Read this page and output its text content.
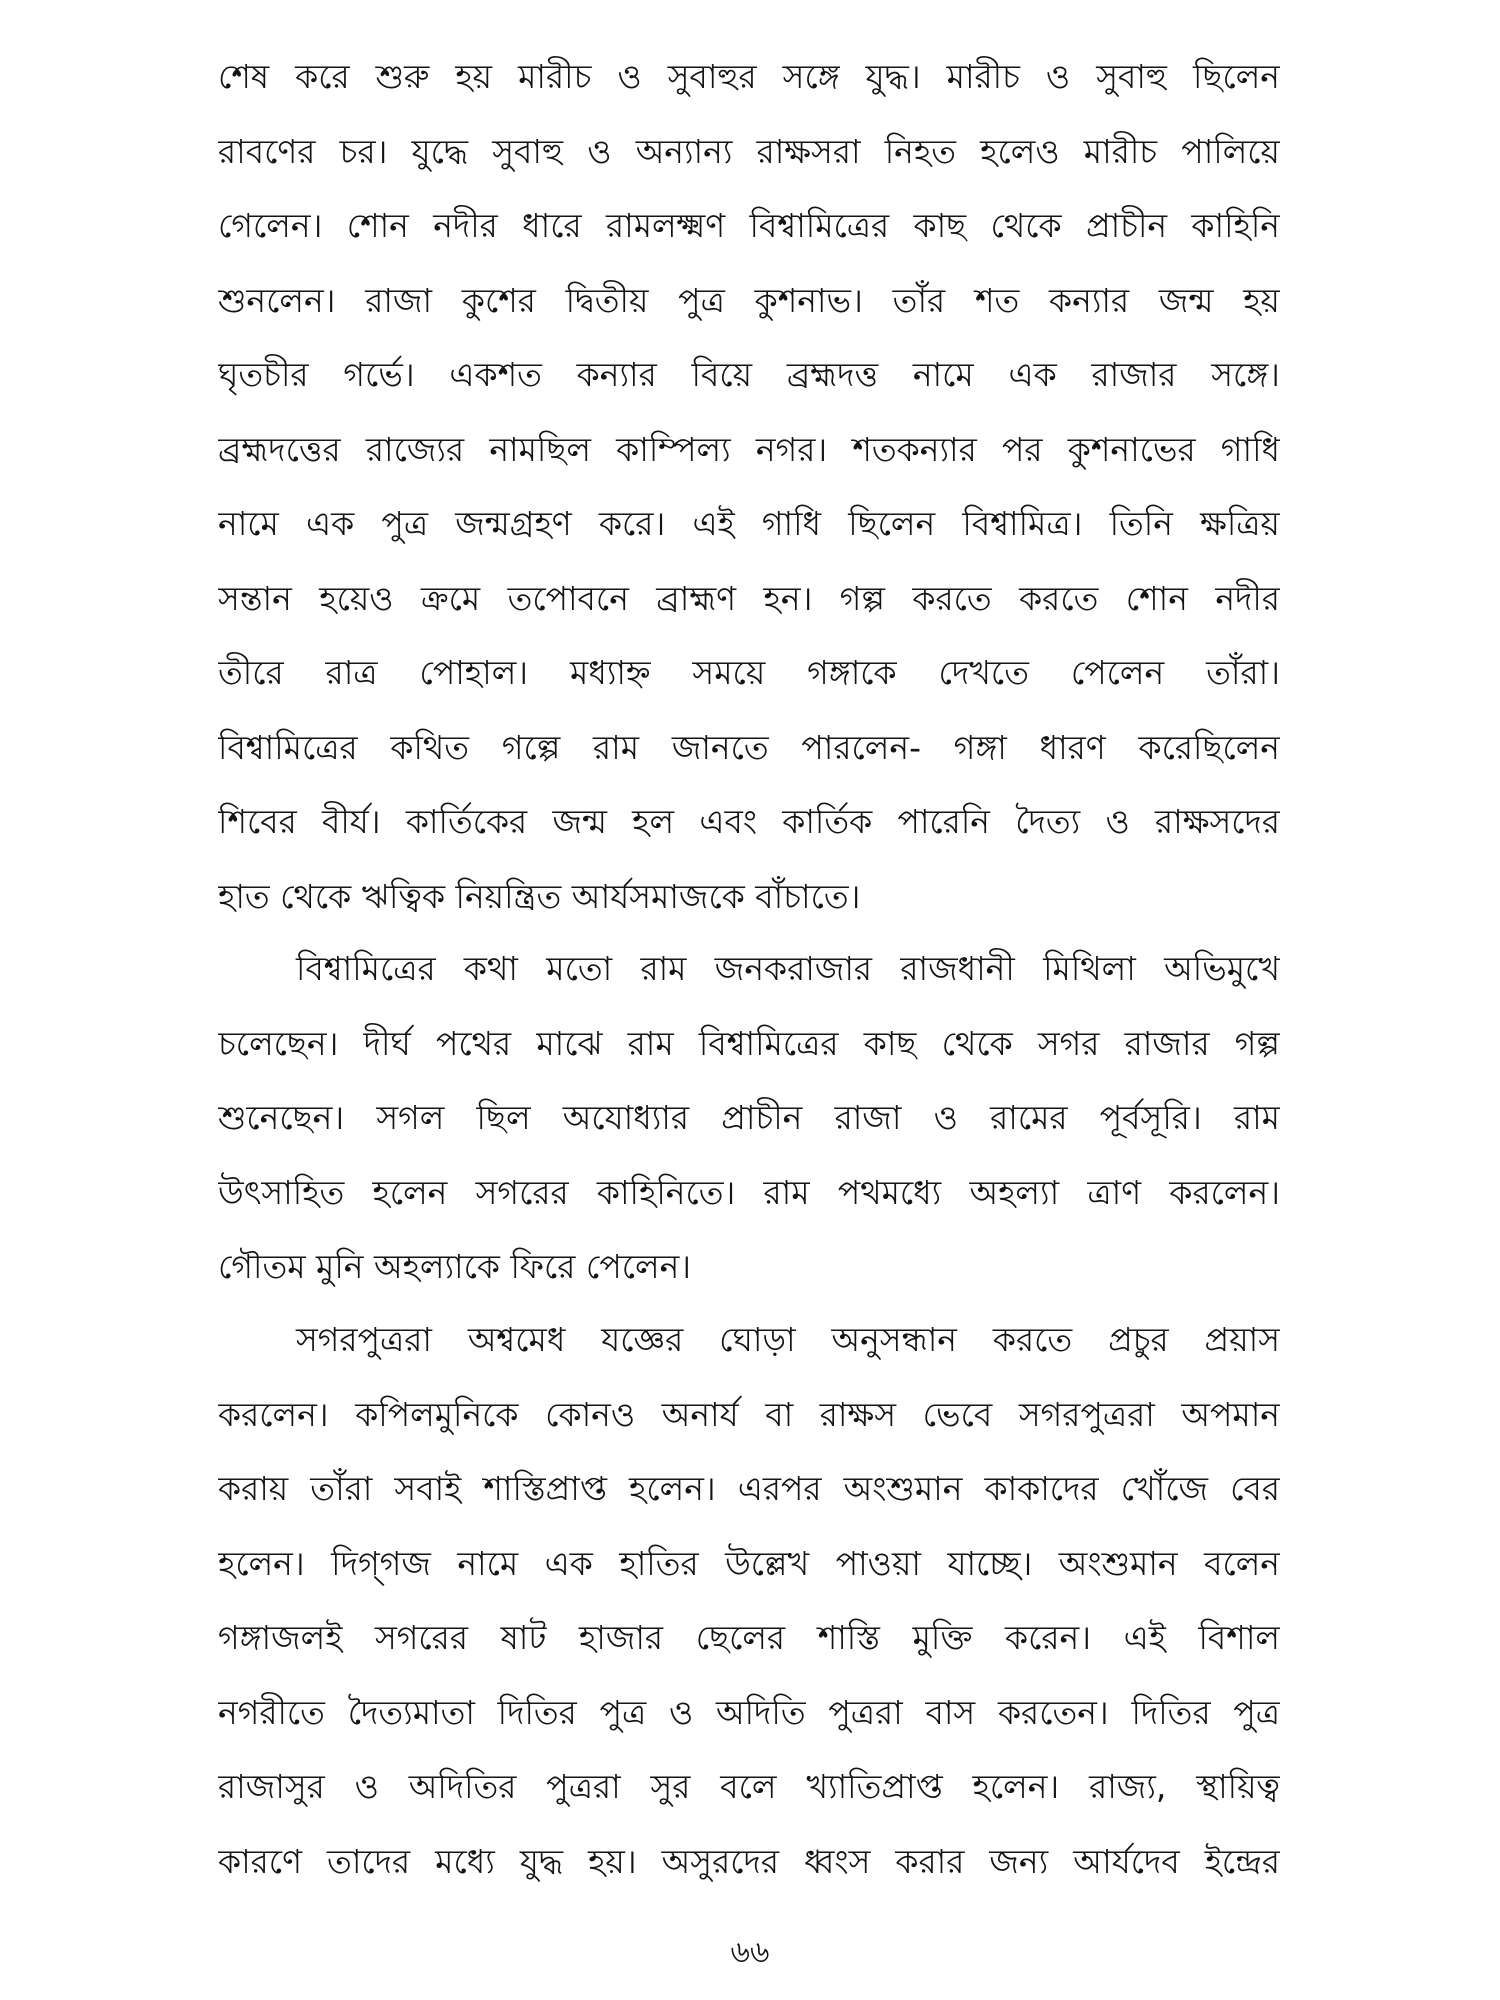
শেষ করে শুরু হয় মারীচ ও সুবাহুর সঙ্গে যুদ্ধ। মারীচ ও সুবাহু ছিলেন
রাবণের চর। যুদ্ধে সুবাহু ও অন্যান্য রাক্ষসরা নিহত হলেও মারীচ পালিয়ে
গেলেন। শোন নদীর ধারে রামলক্ষ্মণ বিশ্বামিত্রের কাছ থেকে প্রাচীন কাহিনি
শুনলেন। রাজা কুশের দ্বিতীয় পুত্র কুশনাভ। তাঁর শত কন্যার জন্ম হয়
ঘৃতচীর গর্ভে। একশত কন্যার বিয়ে ব্রহ্মদত্ত নামে এক রাজার সঙ্গে।
ব্রহ্মদত্তের রাজ্যের নামছিল কাম্পিল্য নগর। শতকন্যার পর কুশনাভের গাধি
নামে এক পুত্র জন্মগ্রহণ করে। এই গাধি ছিলেন বিশ্বামিত্র। তিনি ক্ষত্রিয়
সন্তান হয়েও ক্রমে তপোবনে ব্রাহ্মণ হন। গল্প করতে করতে শোন নদীর
তীরে রাত্র পোহাল। মধ্যাহ্ন সময়ে গঙ্গাকে দেখতে পেলেন তাঁরা।
বিশ্বামিত্রের কথিত গল্পে রাম জানতে পারলেন- গঙ্গা ধারণ করেছিলেন
শিবের বীর্য। কার্তিকের জন্ম হল এবং কার্তিক পারেনি দৈত্য ও রাক্ষসদের
হাত থেকে ঋত্বিক নিয়ন্ত্রিত আর্যসমাজকে বাঁচাতে।
বিশ্বামিত্রের কথা মতো রাম জনকরাজার রাজধানী মিথিলা অভিমুখে
চলেছেন। দীর্ঘ পথের মাঝে রাম বিশ্বামিত্রের কাছ থেকে সগর রাজার গল্প
শুনেছেন। সগল ছিল অযোধ্যার প্রাচীন রাজা ও রামের পূর্বসূরি। রাম
উৎসাহিত হলেন সগরের কাহিনিতে। রাম পথমধ্যে অহল্যা ত্রাণ করলেন।
গৌতম মুনি অহল্যাকে ফিরে পেলেন।
সগরপুত্ররা অশ্বমেধ যজ্ঞের ঘোড়া অনুসন্ধান করতে প্রচুর প্রয়াস
করলেন। কপিলমুনিকে কোনও অনার্য বা রাক্ষস ভেবে সগরপুত্ররা অপমান
করায় তাঁরা সবাই শাস্তিপ্রাপ্ত হলেন। এরপর অংশুমান কাকাদের খোঁজে বের
হলেন। দিগ্‌গজ নামে এক হাতির উল্লেখ পাওয়া যাচ্ছে। অংশুমান বলেন
গঙ্গাজলই সগরের ষাট হাজার ছেলের শাস্তি মুক্তি করেন। এই বিশাল
নগরীতে দৈত্যমাতা দিতির পুত্র ও অদিতি পুত্ররা বাস করতেন। দিতির পুত্র
রাজাসুর ও অদিতির পুত্ররা সুর বলে খ্যাতিপ্রাপ্ত হলেন। রাজ্য, স্থায়িত্ব
কারণে তাদের মধ্যে যুদ্ধ হয়। অসুরদের ধ্বংস করার জন্য আর্যদেব ইন্দ্রের
৬৬
